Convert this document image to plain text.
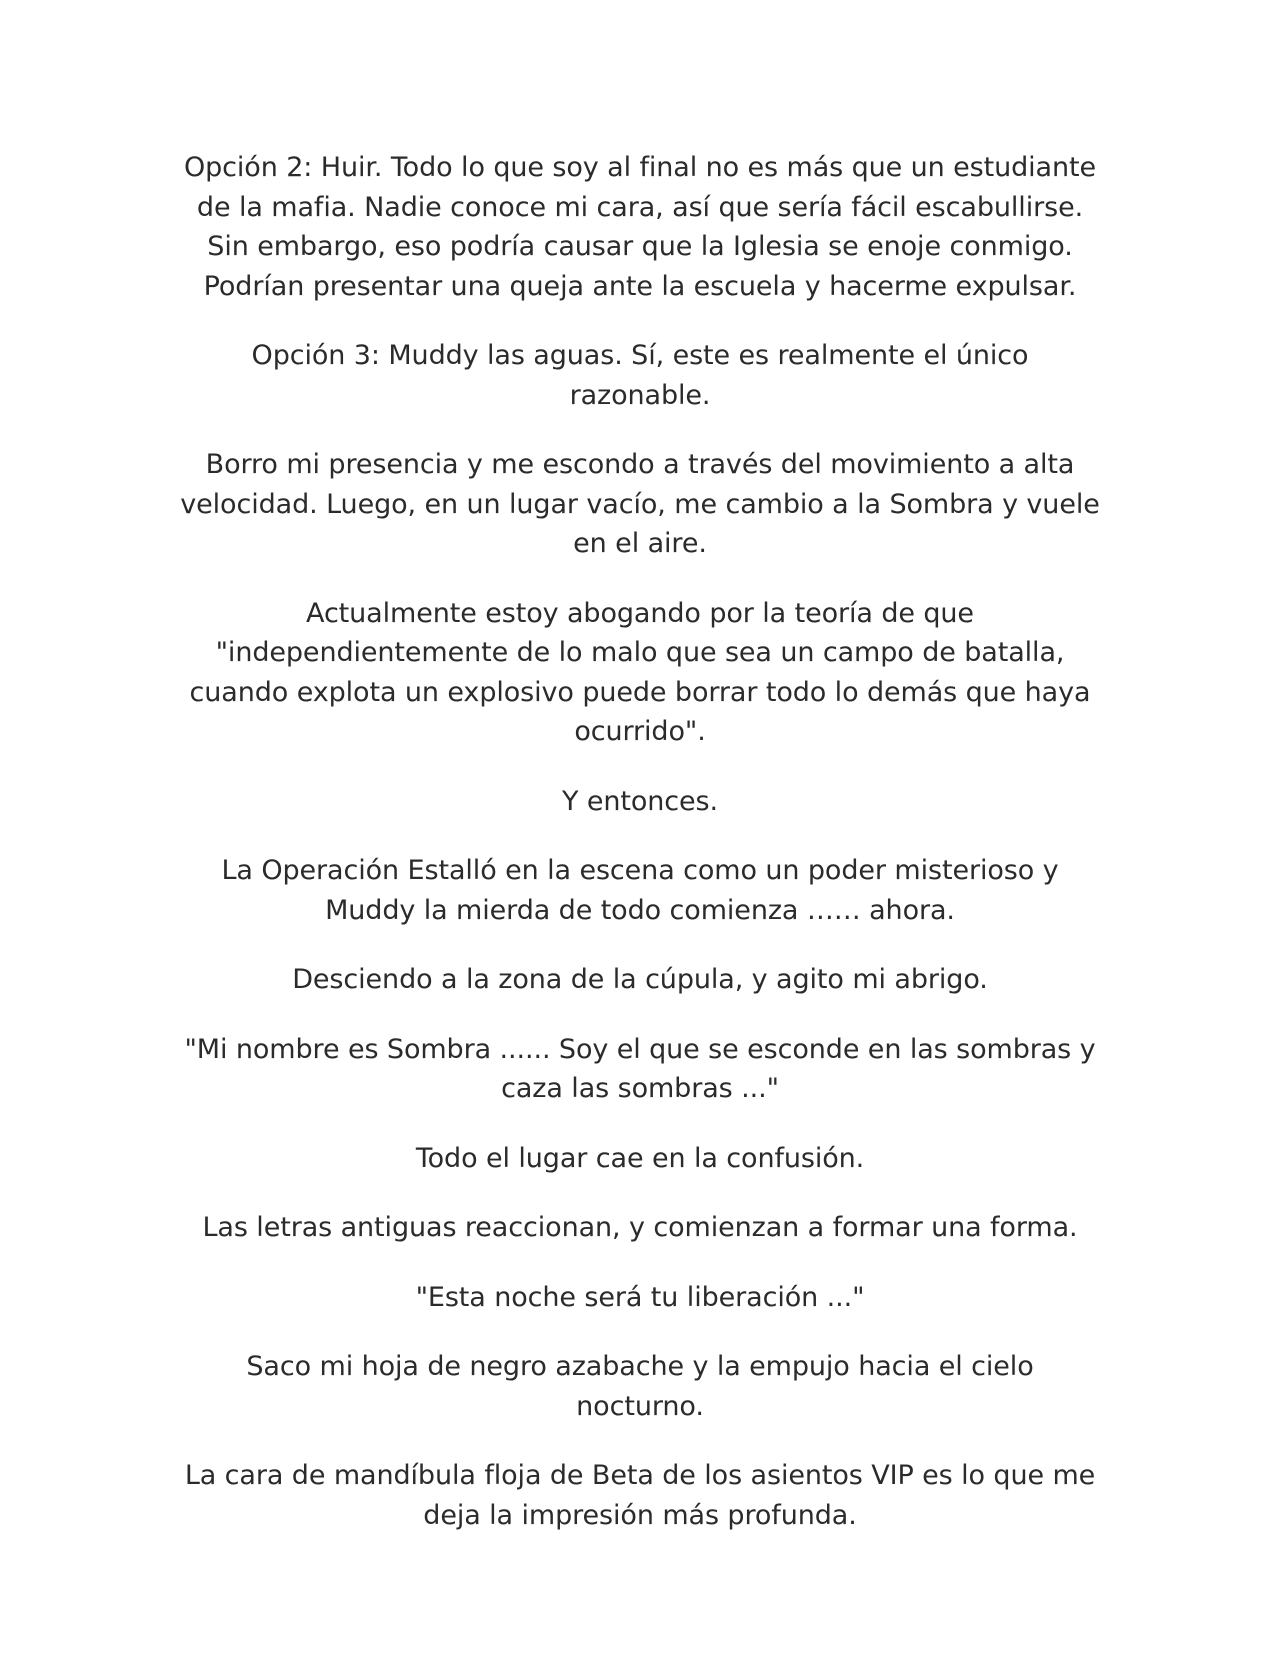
Opción 2: Huir. Todo lo que soy al final no es más que un estudiante de la mafia. Nadie conoce mi cara, así que sería fácil escabullirse. Sin embargo, eso podría causar que la Iglesia se enoje conmigo. Podrían presentar una queja ante la escuela y hacerme expulsar.

Opción 3: Muddy las aguas. Sí, este es realmente el único razonable.

Borro mi presencia y me escondo a través del movimiento a alta velocidad. Luego, en un lugar vacío, me cambio a la Sombra y vuele en el aire.

Actualmente estoy abogando por la teoría de que "independientemente de lo malo que sea un campo de batalla, cuando explota un explosivo puede borrar todo lo demás que haya ocurrido".

Y entonces.

La Operación Estalló en la escena como un poder misterioso y Muddy la mierda de todo comienza …… ahora.

Desciendo a la zona de la cúpula, y agito mi abrigo.

"Mi nombre es Sombra ...... Soy el que se esconde en las sombras y caza las sombras ..."

Todo el lugar cae en la confusión.

Las letras antiguas reaccionan, y comienzan a formar una forma.

"Esta noche será tu liberación ..."

Saco mi hoja de negro azabache y la empujo hacia el cielo nocturno.

La cara de mandíbula floja de Beta de los asientos VIP es lo que me deja la impresión más profunda.
